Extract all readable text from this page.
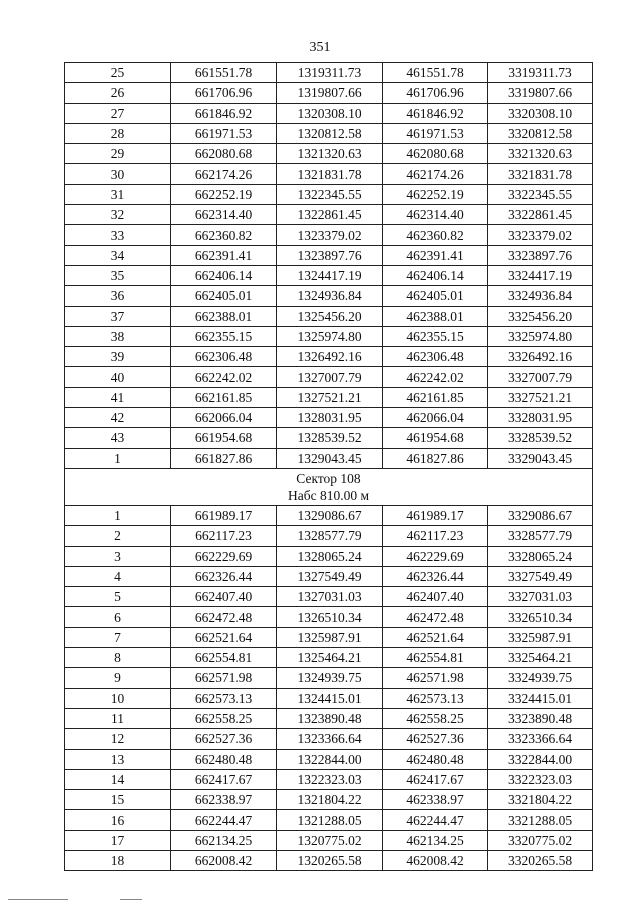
351
25	661551.78	1319311.73	461551.78	3319311.73
26	661706.96	1319807.66	461706.96	3319807.66
27	661846.92	1320308.10	461846.92	3320308.10
28	661971.53	1320812.58	461971.53	3320812.58
29	662080.68	1321320.63	462080.68	3321320.63
30	662174.26	1321831.78	462174.26	3321831.78
31	662252.19	1322345.55	462252.19	3322345.55
32	662314.40	1322861.45	462314.40	3322861.45
33	662360.82	1323379.02	462360.82	3323379.02
34	662391.41	1323897.76	462391.41	3323897.76
35	662406.14	1324417.19	462406.14	3324417.19
36	662405.01	1324936.84	462405.01	3324936.84
37	662388.01	1325456.20	462388.01	3325456.20
38	662355.15	1325974.80	462355.15	3325974.80
39	662306.48	1326492.16	462306.48	3326492.16
40	662242.02	1327007.79	462242.02	3327007.79
41	662161.85	1327521.21	462161.85	3327521.21
42	662066.04	1328031.95	462066.04	3328031.95
43	661954.68	1328539.52	461954.68	3328539.52
1	661827.86	1329043.45	461827.86	3329043.45

Сектор 108
Набс 810.00 м				

1	661989.17	1329086.67	461989.17	3329086.67
2	662117.23	1328577.79	462117.23	3328577.79
3	662229.69	1328065.24	462229.69	3328065.24
4	662326.44	1327549.49	462326.44	3327549.49
5	662407.40	1327031.03	462407.40	3327031.03
6	662472.48	1326510.34	462472.48	3326510.34
7	662521.64	1325987.91	462521.64	3325987.91
8	662554.81	1325464.21	462554.81	3325464.21
9	662571.98	1324939.75	462571.98	3324939.75
10	662573.13	1324415.01	462573.13	3324415.01
11	662558.25	1323890.48	462558.25	3323890.48
12	662527.36	1323366.64	462527.36	3323366.64
13	662480.48	1322844.00	462480.48	3322844.00
14	662417.67	1322323.03	462417.67	3322323.03
15	662338.97	1321804.22	462338.97	3321804.22
16	662244.47	1321288.05	462244.47	3321288.05
17	662134.25	1320775.02	462134.25	3320775.02
18	662008.42	1320265.58	462008.42	3320265.58
